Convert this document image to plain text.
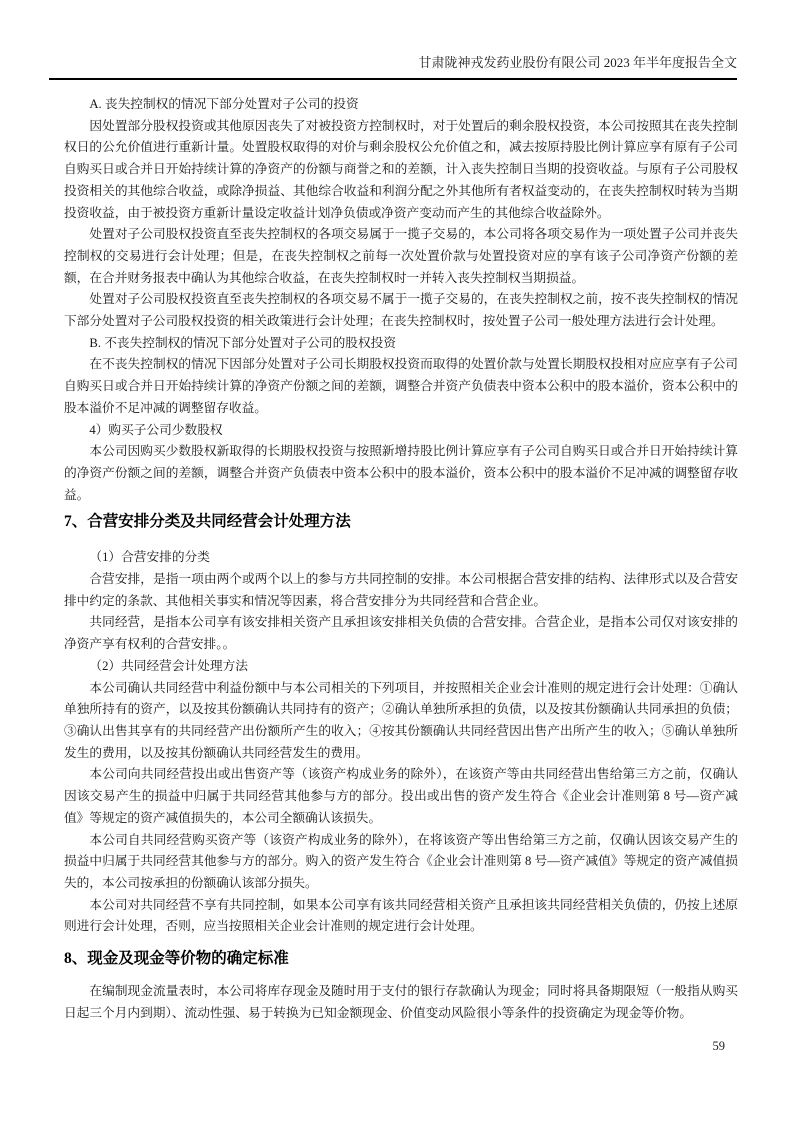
甘肃陇神戎发药业股份有限公司 2023 年半年度报告全文

A. 丧失控制权的情况下部分处置对子公司的投资

因处置部分股权投资或其他原因丧失了对被投资方控制权时，对于处置后的剩余股权投资，本公司按照其在丧失控制权日的公允价值进行重新计量。处置股权取得的对价与剩余股权公允价值之和，减去按原持股比例计算应享有原有子公司自购买日或合并日开始持续计算的净资产的份额与商誉之和的差额，计入丧失控制日当期的投资收益。与原有子公司股权投资相关的其他综合收益，或除净损益、其他综合收益和利润分配之外其他所有者权益变动的，在丧失控制权时转为当期投资收益，由于被投资方重新计量设定收益计划净负债或净资产变动而产生的其他综合收益除外。

处置对子公司股权投资直至丧失控制权的各项交易属于一揽子交易的，本公司将各项交易作为一项处置子公司并丧失控制权的交易进行会计处理；但是，在丧失控制权之前每一次处置价款与处置投资对应的享有该子公司净资产份额的差额，在合并财务报表中确认为其他综合收益，在丧失控制权时一并转入丧失控制权当期损益。

处置对子公司股权投资直至丧失控制权的各项交易不属于一揽子交易的，在丧失控制权之前，按不丧失控制权的情况下部分处置对子公司股权投资的相关政策进行会计处理；在丧失控制权时，按处置子公司一般处理方法进行会计处理。

B. 不丧失控制权的情况下部分处置对子公司的股权投资

在不丧失控制权的情况下因部分处置对子公司长期股权投资而取得的处置价款与处置长期股权投相对应应享有子公司自购买日或合并日开始持续计算的净资产份额之间的差额，调整合并资产负债表中资本公积中的股本溢价，资本公积中的股本溢价不足冲减的调整留存收益。

4）购买子公司少数股权

本公司因购买少数股权新取得的长期股权投资与按照新增持股比例计算应享有子公司自购买日或合并日开始持续计算的净资产份额之间的差额，调整合并资产负债表中资本公积中的股本溢价，资本公积中的股本溢价不足冲减的调整留存收益。

7、合营安排分类及共同经营会计处理方法

（1）合营安排的分类

合营安排，是指一项由两个或两个以上的参与方共同控制的安排。本公司根据合营安排的结构、法律形式以及合营安排中约定的条款、其他相关事实和情况等因素，将合营安排分为共同经营和合营企业。

共同经营，是指本公司享有该安排相关资产且承担该安排相关负债的合营安排。合营企业，是指本公司仅对该安排的净资产享有权利的合营安排。。

（2）共同经营会计处理方法

本公司确认共同经营中利益份额中与本公司相关的下列项目，并按照相关企业会计准则的规定进行会计处理：①确认单独所持有的资产，以及按其份额确认共同持有的资产；②确认单独所承担的负债，以及按其份额确认共同承担的负债；③确认出售其享有的共同经营产出份额所产生的收入；④按其份额确认共同经营因出售产出所产生的收入；⑤确认单独所发生的费用，以及按其份额确认共同经营发生的费用。

本公司向共同经营投出或出售资产等（该资产构成业务的除外），在该资产等由共同经营出售给第三方之前，仅确认因该交易产生的损益中归属于共同经营其他参与方的部分。投出或出售的资产发生符合《企业会计准则第 8 号—资产减值》等规定的资产减值损失的，本公司全额确认该损失。

本公司自共同经营购买资产等（该资产构成业务的除外），在将该资产等出售给第三方之前，仅确认因该交易产生的损益中归属于共同经营其他参与方的部分。购入的资产发生符合《企业会计准则第 8 号—资产减值》等规定的资产减值损失的，本公司按承担的份额确认该部分损失。

本公司对共同经营不享有共同控制，如果本公司享有该共同经营相关资产且承担该共同经营相关负债的，仍按上述原则进行会计处理，否则，应当按照相关企业会计准则的规定进行会计处理。

8、现金及现金等价物的确定标准

在编制现金流量表时，本公司将库存现金及随时用于支付的银行存款确认为现金；同时将具备期限短（一般指从购买日起三个月内到期）、流动性强、易于转换为已知金额现金、价值变动风险很小等条件的投资确定为现金等价物。

59
